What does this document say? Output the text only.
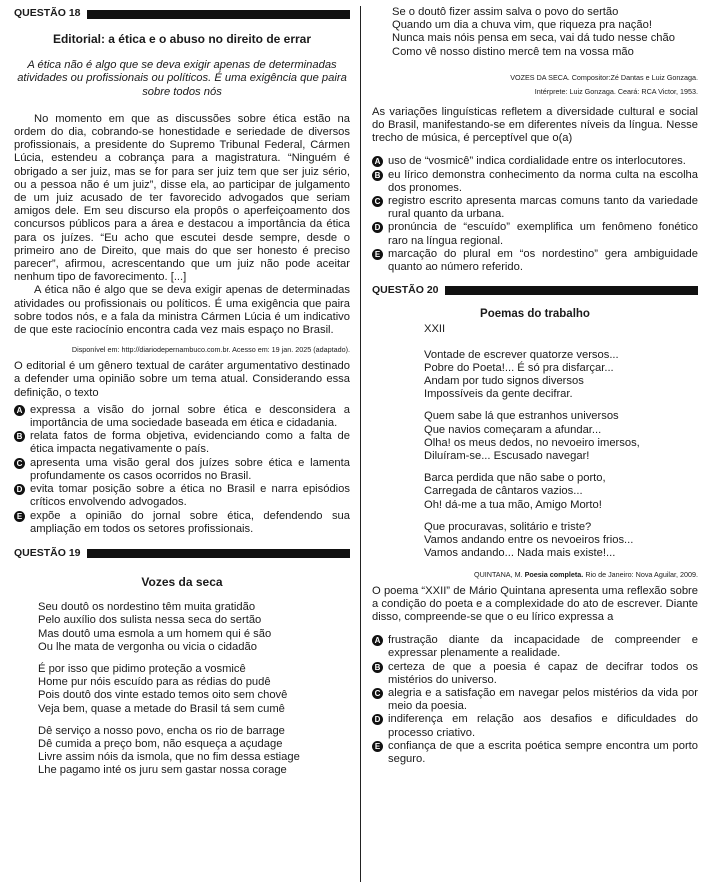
QUESTÃO 18
Editorial: a ética e o abuso no direito de errar

A ética não é algo que se deva exigir apenas de determinadas atividades ou profissionais ou políticos. É uma exigência que paira sobre todos nós

No momento em que as discussões sobre ética estão na ordem do dia, cobrando-se honestidade e seriedade de diversos profissionais, a presidente do Supremo Tribunal Federal, Cármen Lúcia, estendeu a cobrança para a magistratura. “Ninguém é obrigado a ser juiz, mas se for para ser juiz tem que ser juiz sério, ou a pessoa não é um juiz”, disse ela, ao participar de julgamento de um juiz acusado de ter favorecido advogados que seriam amigos dele. Em seu discurso ela propôs o aperfeiçoamento dos concursos públicos para a área e destacou a importância da ética para os juízes. “Eu acho que escutei desde sempre, desde o primeiro ano de Direito, que mais do que ser honesto é preciso parecer”, afirmou, acrescentando que um juiz não pode aceitar nenhum tipo de favorecimento. [...]

A ética não é algo que se deva exigir apenas de determinadas atividades ou profissionais ou políticos. É uma exigência que paira sobre todos nós, e a fala da ministra Cármen Lúcia é um indicativo de que este raciocínio encontra cada vez mais espaço no Brasil.

Disponível em: http://diariodepernambuco.com.br. Acesso em: 19 jan. 2025 (adaptado).

O editorial é um gênero textual de caráter argumentativo destinado a defender uma opinião sobre um tema atual. Considerando essa definição, o texto

A expressa a visão do jornal sobre ética e desconsidera a importância de uma sociedade baseada em ética e cidadania.
B relata fatos de forma objetiva, evidenciando como a falta de ética impacta negativamente o país.
C apresenta uma visão geral dos juízes sobre ética e lamenta profundamente os casos ocorridos no Brasil.
D evita tomar posição sobre a ética no Brasil e narra episódios críticos envolvendo advogados.
E expõe a opinião do jornal sobre ética, defendendo sua ampliação em todos os setores profissionais.
QUESTÃO 19
Vozes da seca

Seu doutô os nordestino têm muita gratidão

Pelo auxílio dos sulista nessa seca do sertão

Mas doutô uma esmola a um homem qui é são

Ou lhe mata de vergonha ou vicia o cidadão

É por isso que pidimo proteção a vosmicê

Home pur nóis escuído para as rédias do pudê

Pois doutô dos vinte estado temos oito sem chovê

Veja bem, quase a metade do Brasil tá sem cumê

Dê serviço a nosso povo, encha os rio de barrage

Dê cumida a preço bom, não esqueça a açudage

Livre assim nóis da ismola, que no fim dessa estiage

Lhe pagamo inté os juru sem gastar nossa corage

Se o doutô fizer assim salva o povo do sertão

Quando um dia a chuva vim, que riqueza pra nação!

Nunca mais nóis pensa em seca, vai dá tudo nesse chão

Como vê nosso distino mercê tem na vossa mão

VOZES DA SECA. Compositor:Zé Dantas e Luiz Gonzaga.

Intérprete: Luiz Gonzaga. Ceará: RCA Victor, 1953.

As variações linguísticas refletem a diversidade cultural e social do Brasil, manifestando-se em diferentes níveis da língua. Nesse trecho de música, é perceptível que o(a)

A uso de “vosmicê” indica cordialidade entre os interlocutores.
B eu lírico demonstra conhecimento da norma culta na escolha dos pronomes.
C registro escrito apresenta marcas comuns tanto da variedade rural quanto da urbana.
D pronúncia de “escuído” exemplifica um fenômeno fonético raro na língua regional.
E marcação do plural em “os nordestino” gera ambiguidade quanto ao número referido.
QUESTÃO 20
Poemas do trabalho

XXII

Vontade de escrever quatorze versos...

Pobre do Poeta!... É só pra disfarçar...

Andam por tudo signos diversos

Impossíveis da gente decifrar.

Quem sabe lá que estranhos universos

Que navios começaram a afundar...

Olha! os meus dedos, no nevoeiro imersos,

Diluíram-se... Escusado navegar!

Barca perdida que não sabe o porto,

Carregada de cântaros vazios...

Oh! dá-me a tua mão, Amigo Morto!

Que procuravas, solitário e triste?

Vamos andando entre os nevoeiros frios...

Vamos andando... Nada mais existe!...

QUINTANA, M. Poesia completa. Rio de Janeiro: Nova Aguilar, 2009.

O poema “XXII” de Mário Quintana apresenta uma reflexão sobre a condição do poeta e a complexidade do ato de escrever. Diante disso, compreende-se que o eu lírico expressa a

A frustração diante da incapacidade de compreender e expressar plenamente a realidade.
B certeza de que a poesia é capaz de decifrar todos os mistérios do universo.
C alegria e a satisfação em navegar pelos mistérios da vida por meio da poesia.
D indiferença em relação aos desafios e dificuldades do processo criativo.
E confiança de que a escrita poética sempre encontra um porto seguro.
